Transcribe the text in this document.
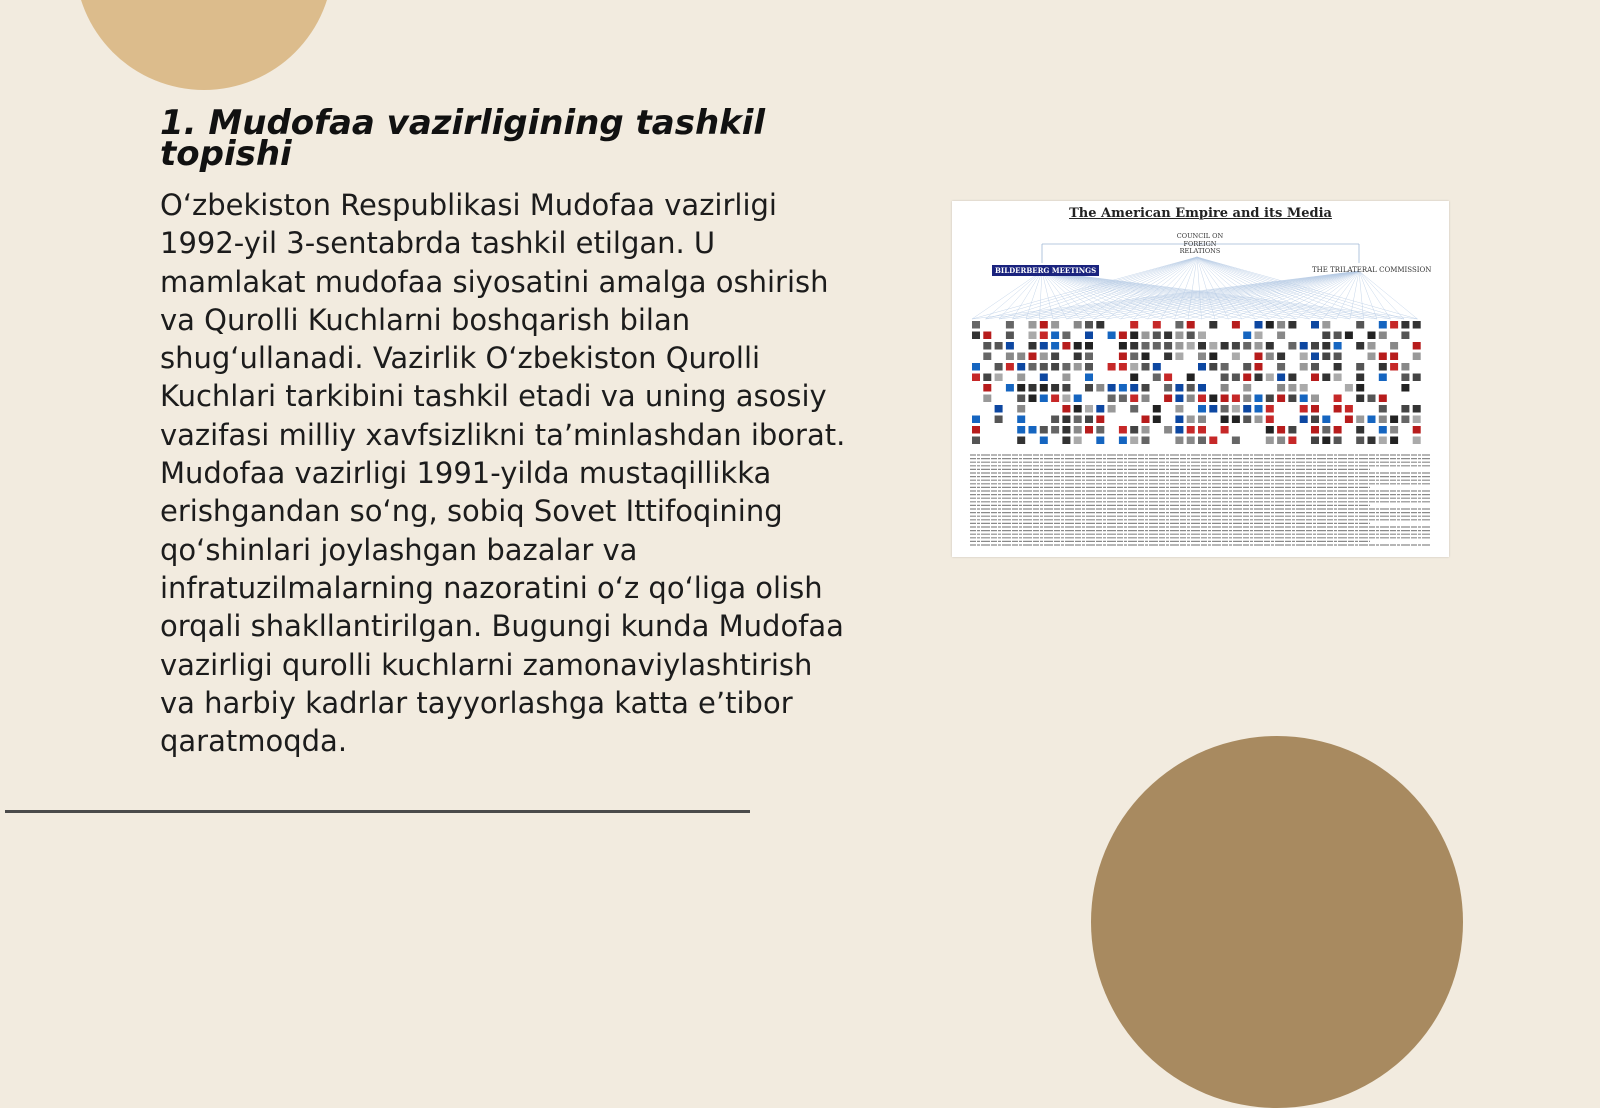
1. Mudofaa vazirligining tashkil topishi

O‘zbekiston Respublikasi Mudofaa vazirligi 1992-yil 3-sentabrda tashkil etilgan. U mamlakat mudofaa siyosatini amalga oshirish va Qurolli Kuchlarni boshqarish bilan shug‘ullanadi. Vazirlik O‘zbekiston Qurolli Kuchlari tarkibini tashkil etadi va uning asosiy vazifasi milliy xavfsizlikni ta’minlashdan iborat. Mudofaa vazirligi 1991-yilda mustaqillikka erishgandan so‘ng, sobiq Sovet Ittifoqining qo‘shinlari joylashgan bazalar va infratuzilmalarning nazoratini o‘z qo‘liga olish orqali shakllantirilgan. Bugungi kunda Mudofaa vazirligi qurolli kuchlarni zamonaviylashtirish va harbiy kadrlar tayyorlashga katta e’tibor qaratmoqda.

The American Empire and its Media
COUNCIL ON FOREIGN RELATIONS
BILDERBERG MEETINGS	THE TRILATERAL COMMISSION
